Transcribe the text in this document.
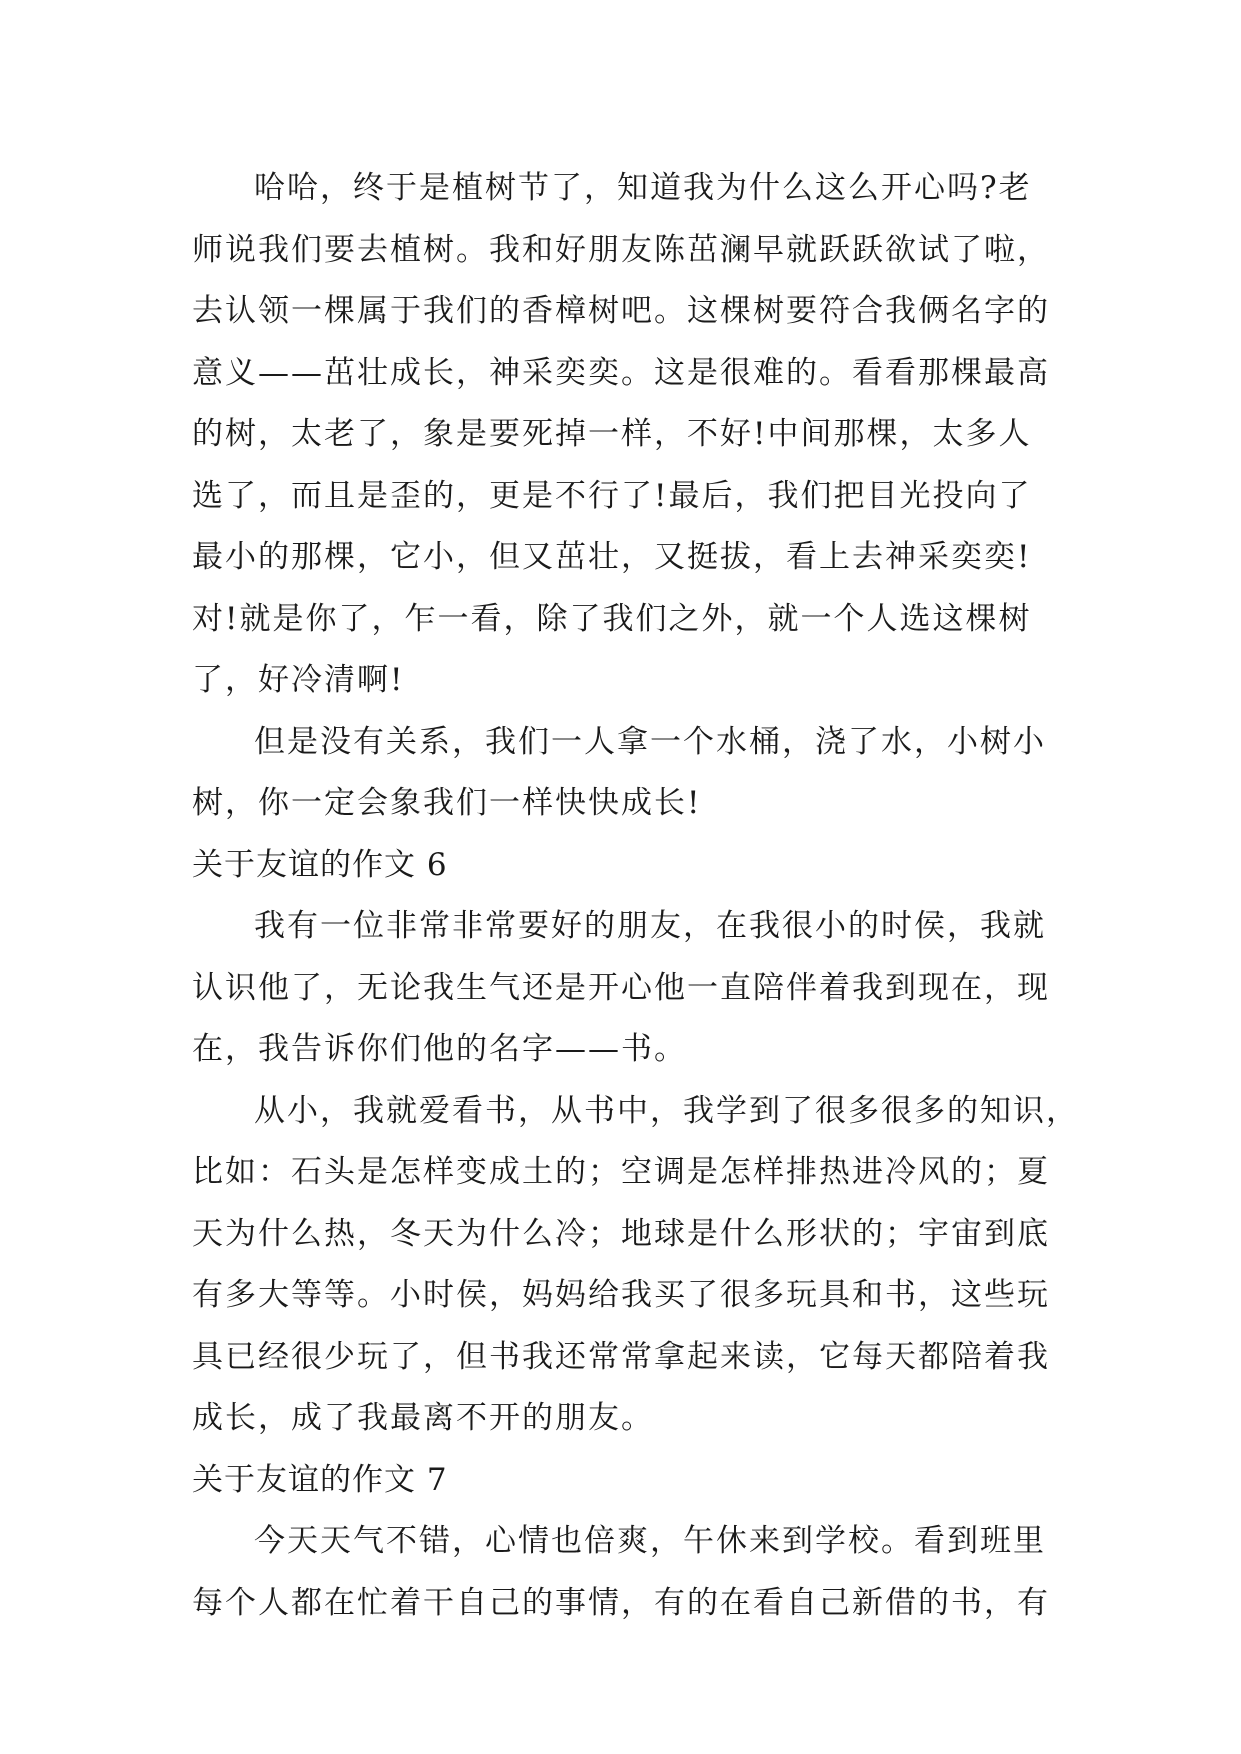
哈哈，终于是植树节了，知道我为什么这么开心吗?老
师说我们要去植树。我和好朋友陈茁澜早就跃跃欲试了啦，
去认领一棵属于我们的香樟树吧。这棵树要符合我俩名字的
意义——茁壮成长，神采奕奕。这是很难的。看看那棵最高
的树，太老了，象是要死掉一样，不好!中间那棵，太多人
选了，而且是歪的，更是不行了!最后，我们把目光投向了
最小的那棵，它小，但又茁壮，又挺拔，看上去神采奕奕!
对!就是你了，乍一看，除了我们之外，就一个人选这棵树
了，好冷清啊!
但是没有关系，我们一人拿一个水桶，浇了水，小树小
树，你一定会象我们一样快快成长!
关于友谊的作文 6
我有一位非常非常要好的朋友，在我很小的时侯，我就
认识他了，无论我生气还是开心他一直陪伴着我到现在，现
在，我告诉你们他的名字——书。
从小，我就爱看书，从书中，我学到了很多很多的知识，
比如：石头是怎样变成土的；空调是怎样排热进冷风的；夏
天为什么热，冬天为什么冷；地球是什么形状的；宇宙到底
有多大等等。小时侯，妈妈给我买了很多玩具和书，这些玩
具已经很少玩了，但书我还常常拿起来读，它每天都陪着我
成长，成了我最离不开的朋友。
关于友谊的作文 7
今天天气不错，心情也倍爽，午休来到学校。看到班里
每个人都在忙着干自己的事情，有的在看自己新借的书，有
